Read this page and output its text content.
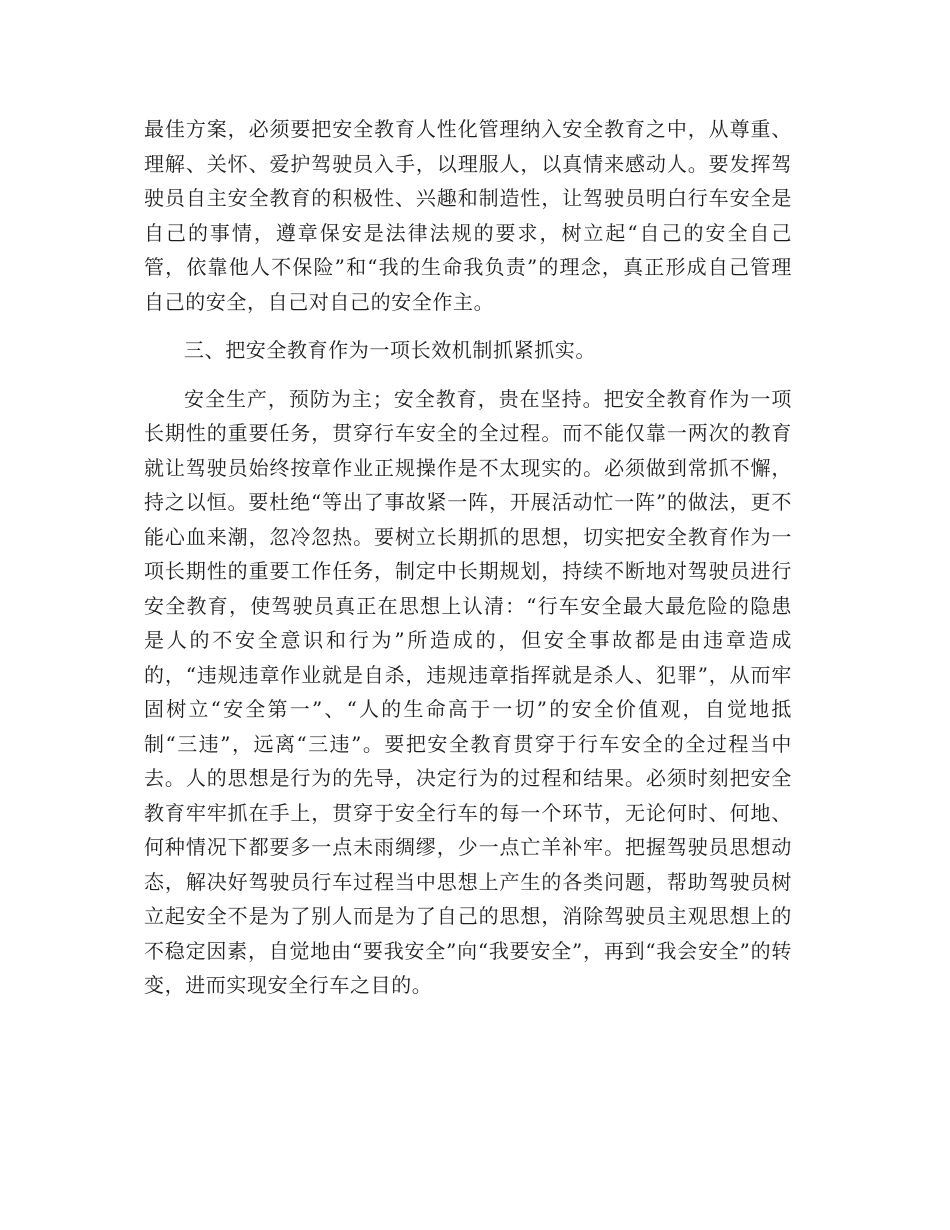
最佳方案，必须要把安全教育人性化管理纳入安全教育之中，从尊重、理解、关怀、爱护驾驶员入手，以理服人，以真情来感动人。要发挥驾驶员自主安全教育的积极性、兴趣和制造性，让驾驶员明白行车安全是自己的事情，遵章保安是法律法规的要求，树立起“自己的安全自己管，依靠他人不保险”和“我的生命我负责”的理念，真正形成自己管理自己的安全，自己对自己的安全作主。

三、把安全教育作为一项长效机制抓紧抓实。

安全生产，预防为主；安全教育，贵在坚持。把安全教育作为一项长期性的重要任务，贯穿行车安全的全过程。而不能仅靠一两次的教育就让驾驶员始终按章作业正规操作是不太现实的。必须做到常抓不懈，持之以恒。要杜绝“等出了事故紧一阵，开展活动忙一阵”的做法，更不能心血来潮，忽冷忽热。要树立长期抓的思想，切实把安全教育作为一项长期性的重要工作任务，制定中长期规划，持续不断地对驾驶员进行安全教育，使驾驶员真正在思想上认清：“行车安全最大最危险的隐患是人的不安全意识和行为”所造成的，但安全事故都是由违章造成的，“违规违章作业就是自杀，违规违章指挥就是杀人、犯罪”，从而牢固树立“安全第一”、“人的生命高于一切”的安全价值观，自觉地抵制“三违”，远离“三违”。要把安全教育贯穿于行车安全的全过程当中去。人的思想是行为的先导，决定行为的过程和结果。必须时刻把安全教育牢牢抓在手上，贯穿于安全行车的每一个环节，无论何时、何地、何种情况下都要多一点未雨绸缪，少一点亡羊补牢。把握驾驶员思想动态，解决好驾驶员行车过程当中思想上产生的各类问题，帮助驾驶员树立起安全不是为了别人而是为了自己的思想，消除驾驶员主观思想上的不稳定因素，自觉地由“要我安全”向“我要安全”，再到“我会安全”的转变，进而实现安全行车之目的。
